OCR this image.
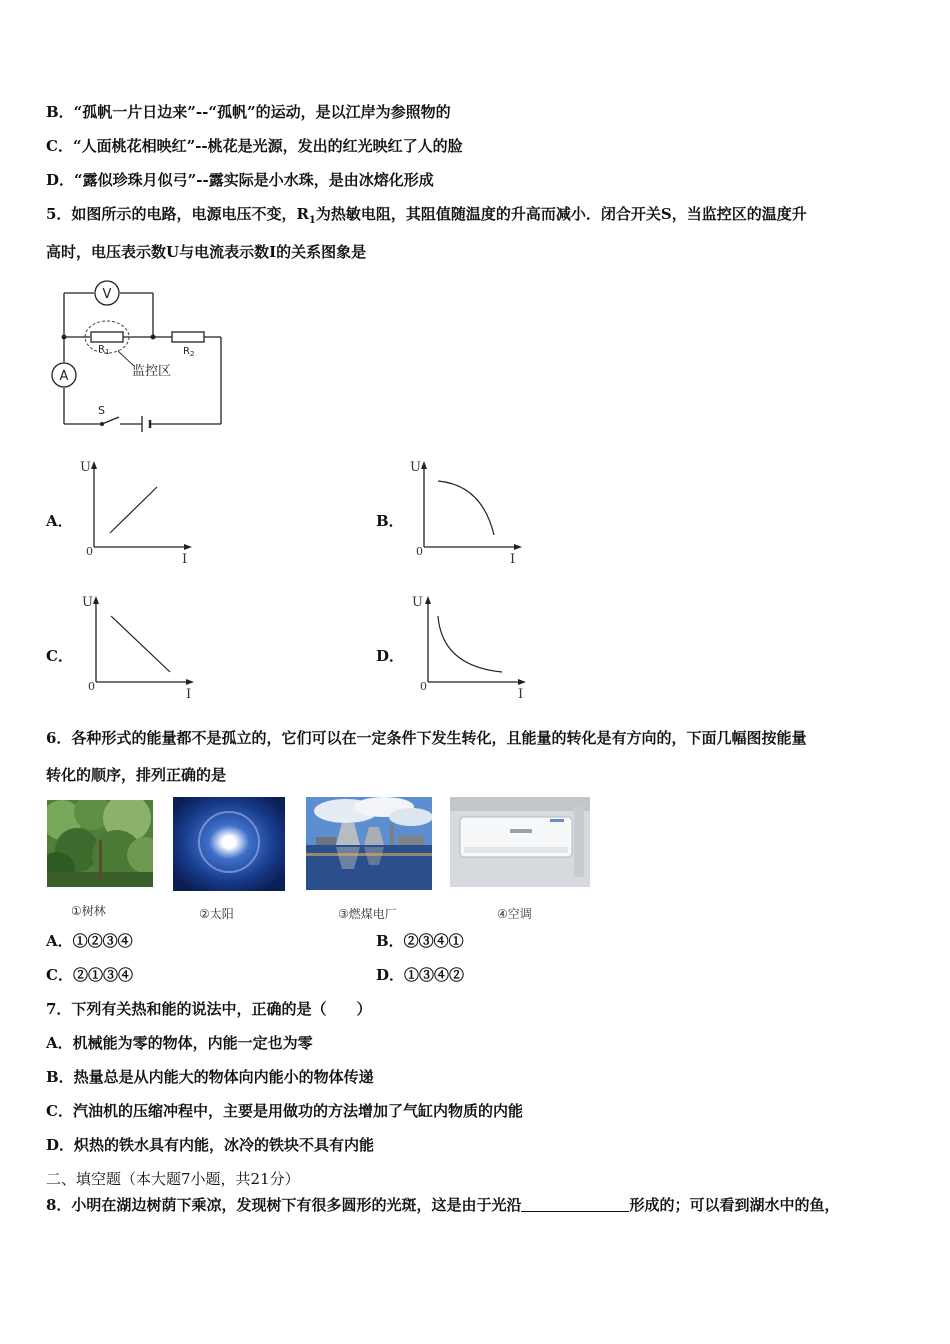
B．“孤帆一片日边来”--“孤帆”的运动，是以江岸为参照物的
C．“人面桃花相映红”--桃花是光源，发出的红光映红了人的脸
D．“露似珍珠月似弓”--露实际是小水珠，是由冰熔化形成
5．如图所示的电路，电源电压不变，$R_1$为热敏电阻，其阻值随温度的升高而减小．闭合开关S，当监控区的温度升
高时，电压表示数U与电流表示数I的关系图象是
V
A
$R_1$
监控区
$R_2$
S
A．	B．
C．	D．
U
I
0
U
I
0
U
I
0
U
I
0
6．各种形式的能量都不是孤立的，它们可以在一定条件下发生转化，且能量的转化是有方向的，下面几幅图按能量
转化的顺序，排列正确的是
①树林	②太阳	③燃煤电厂	④空调
A．①②③④	B．②③④①
C．②①③④	D．①③④②
7．下列有关热和能的说法中，正确的是（　　）
A．机械能为零的物体，内能一定也为零
B．热量总是从内能大的物体向内能小的物体传递
C．汽油机的压缩冲程中，主要是用做功的方法增加了气缸内物质的内能
D．炽热的铁水具有内能，冰冷的铁块不具有内能
二、填空题（本大题7小题，共21分）
8．小明在湖边树荫下乘凉，发现树下有很多圆形的光斑，这是由于光沿	形成的；可以看到湖水中的鱼，
